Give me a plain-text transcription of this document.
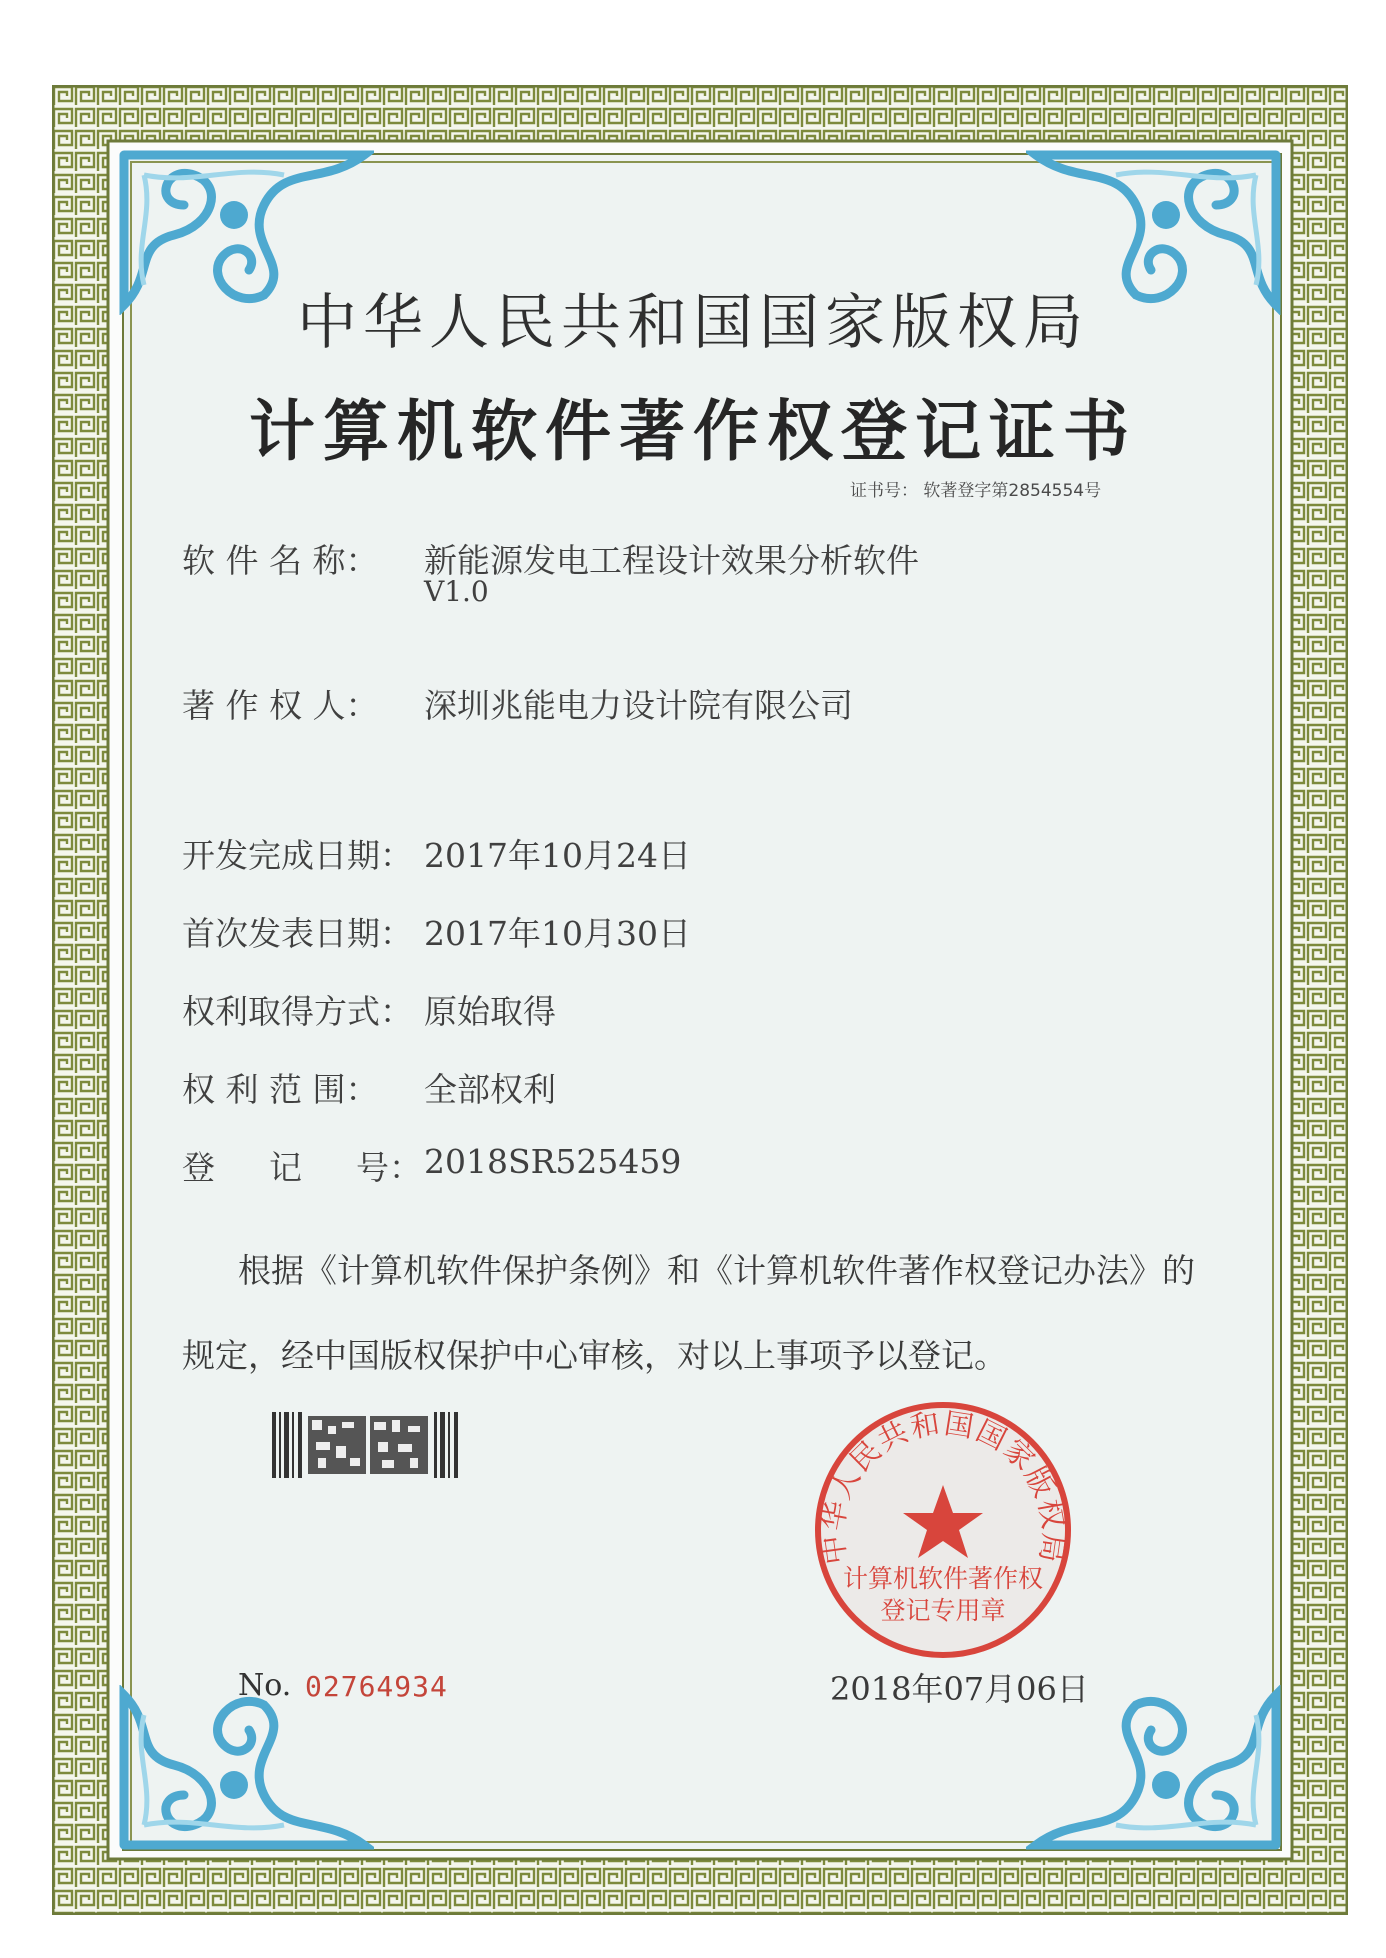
中华人民共和国国家版权局
计算机软件著作权登记证书
证书号： 软著登字第2854554号
软 件 名 称： 新能源发电工程设计效果分析软件
V1.0
著 作 权 人： 深圳兆能电力设计院有限公司
开发完成日期： 2017年10月24日
首次发表日期： 2017年10月30日
权利取得方式： 原始取得
权 利 范 围： 全部权利
登 　 记 　 号： 2018SR525459
根据《计算机软件保护条例》和《计算机软件著作权登记办法》的
规定，经中国版权保护中心审核，对以上事项予以登记。
中华人民共和国国家版权局
计算机软件著作权
登记专用章
No. 02764934	2018年07月06日
